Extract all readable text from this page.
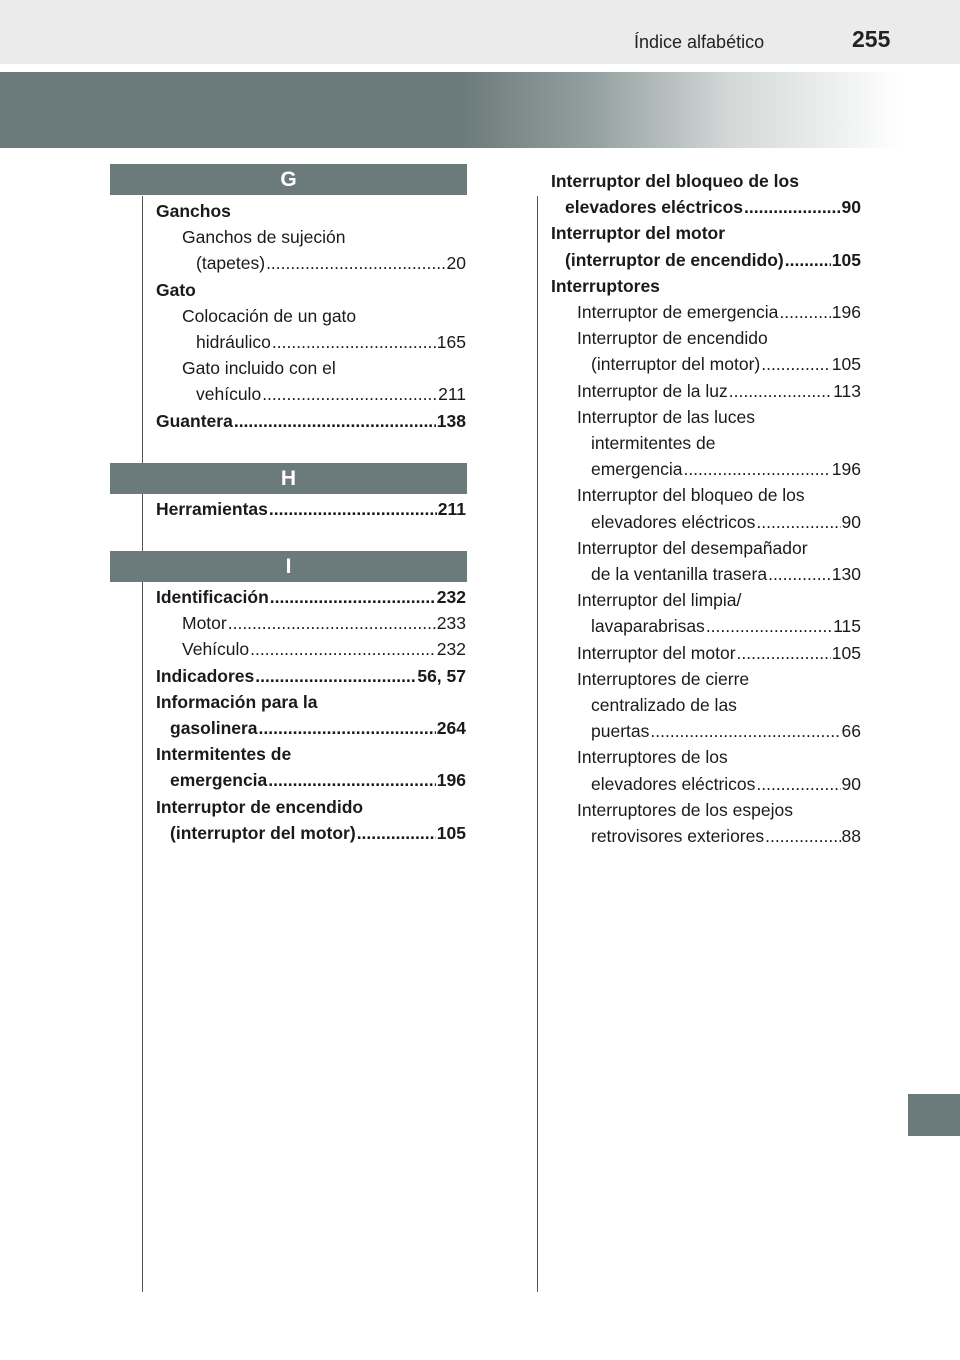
Índice alfabético	255
G
H
I
Ganchos
Ganchos de sujeción
(tapetes) .....	20
Gato
Colocación de un gato
hidráulico .....	165
Gato incluido con el
vehículo .....	211
Guantera .....	138
Herramientas .....	211
Identificación .....	232
Motor .....	233
Vehículo .....	232
Indicadores .....	56, 57
Información para la
gasolinera .....	264
Intermitentes de
emergencia .....	196
Interruptor de encendido
(interruptor del motor) .....	105
Interruptor del bloqueo de los
elevadores eléctricos .....	90
Interruptor del motor
(interruptor de encendido) .....	105
Interruptores
Interruptor de emergencia .....	196
Interruptor de encendido
(interruptor del motor) .....	105
Interruptor de la luz .....	113
Interruptor de las luces
intermitentes de
emergencia .....	196
Interruptor del bloqueo de los
elevadores eléctricos .....	90
Interruptor del desempañador
de la ventanilla trasera .....	130
Interruptor del limpia/
lavaparabrisas .....	115
Interruptor del motor .....	105
Interruptores de cierre
centralizado de las
puertas .....	66
Interruptores de los
elevadores eléctricos .....	90
Interruptores de los espejos
retrovisores exteriores .....	88
